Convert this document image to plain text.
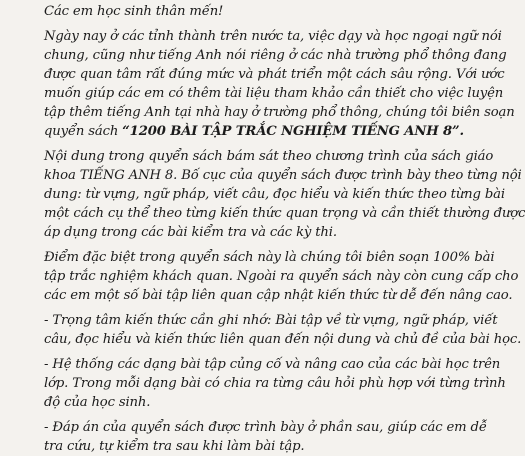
Các em học sinh thân mến!

Ngày nay ở các tỉnh thành trên nước ta, việc dạy và học ngoại ngữ nói
chung, cũng như tiếng Anh nói riêng ở các nhà trường phổ thông đang
được quan tâm rất đúng mức và phát triển một cách sâu rộng. Với ước
muốn giúp các em có thêm tài liệu tham khảo cần thiết cho việc luyện
tập thêm tiếng Anh tại nhà hay ở trường phổ thông, chúng tôi biên soạn
quyển sách “1200 BÀI TẬP TRẮC NGHIỆM TIẾNG ANH 8”.

Nội dung trong quyển sách bám sát theo chương trình của sách giáo
khoa TIẾNG ANH 8. Bố cục của quyển sách được trình bày theo từng nội
dung: từ vựng, ngữ pháp, viết câu, đọc hiểu và kiến thức theo từng bài
một cách cụ thể theo từng kiến thức quan trọng và cần thiết thường được
áp dụng trong các bài kiểm tra và các kỳ thi.

Điểm đặc biệt trong quyển sách này là chúng tôi biên soạn 100% bài
tập trắc nghiệm khách quan. Ngoài ra quyển sách này còn cung cấp cho
các em một số bài tập liên quan cập nhật kiến thức từ dễ đến nâng cao.

- Trọng tâm kiến thức cần ghi nhớ: Bài tập về từ vựng, ngữ pháp, viết
câu, đọc hiểu và kiến thức liên quan đến nội dung và chủ đề của bài học.

- Hệ thống các dạng bài tập củng cố và nâng cao của các bài học trên
lớp. Trong mỗi dạng bài có chia ra từng câu hỏi phù hợp với từng trình
độ của học sinh.

- Đáp án của quyển sách được trình bày ở phần sau, giúp các em dễ
tra cứu, tự kiểm tra sau khi làm bài tập.
